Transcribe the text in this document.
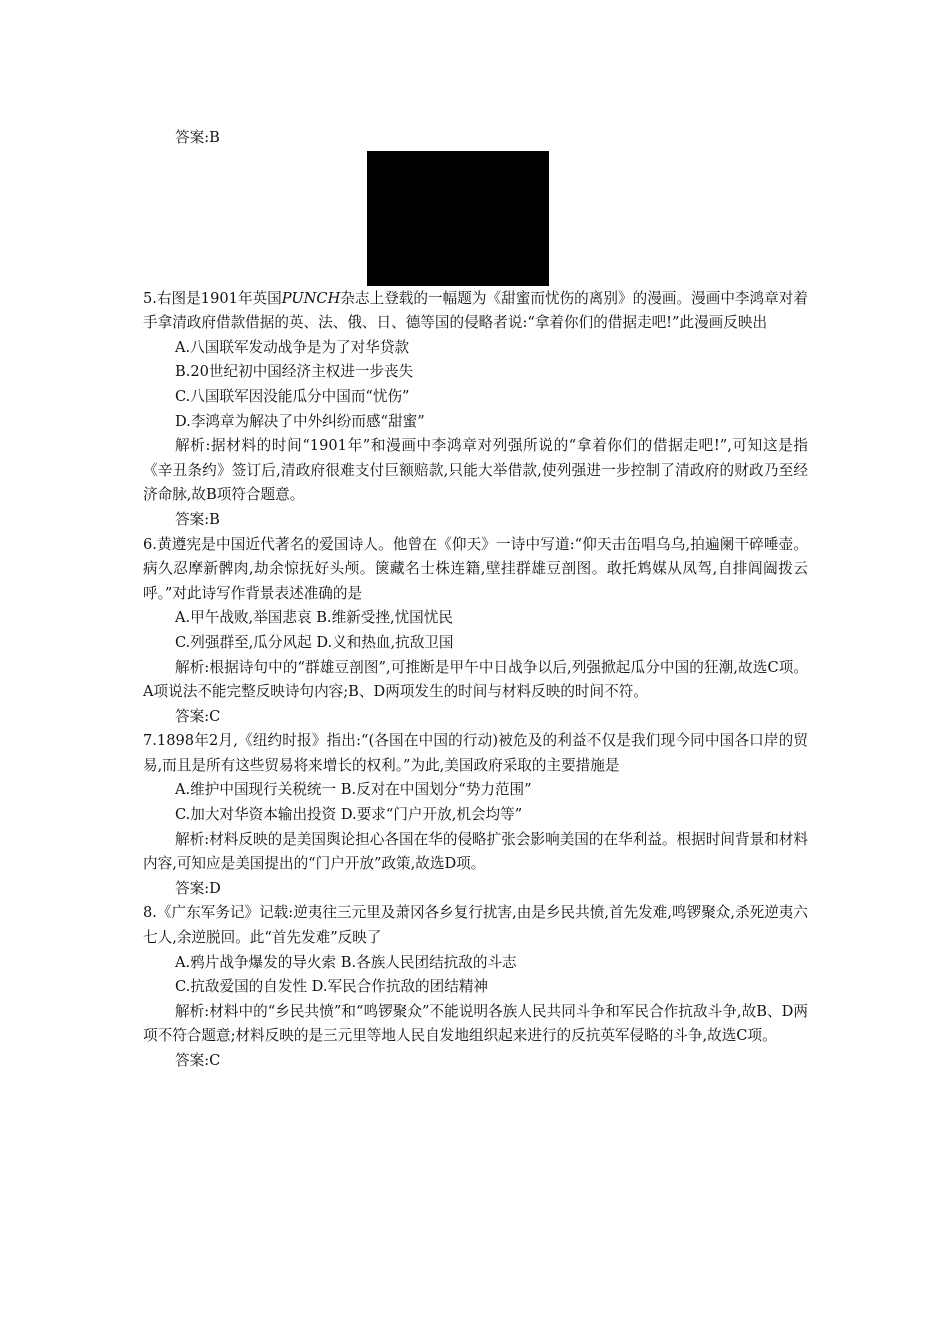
答案:B
5.右图是1901年英国PUNCH杂志上登载的一幅题为《甜蜜而忧伤的离别》的漫画。漫画中李鸿章对着手拿清政府借款借据的英、法、俄、日、德等国的侵略者说:“拿着你们的借据走吧!”此漫画反映出
A.八国联军发动战争是为了对华贷款
B.20世纪初中国经济主权进一步丧失
C.八国联军因没能瓜分中国而“忧伤”
D.李鸿章为解决了中外纠纷而感“甜蜜”
解析:据材料的时间“1901年”和漫画中李鸿章对列强所说的“拿着你们的借据走吧!”,可知这是指《辛丑条约》签订后,清政府很难支付巨额赔款,只能大举借款,使列强进一步控制了清政府的财政乃至经济命脉,故B项符合题意。
答案:B
6.黄遵宪是中国近代著名的爱国诗人。他曾在《仰天》一诗中写道:“仰天击缶唱乌乌,拍遍阑干碎唾壶。病久忍摩新髀肉,劫余惊抚好头颅。箧藏名士株连籍,壁挂群雄豆剖图。敢托鸩媒从凤驾,自排阊阖拨云呼。”对此诗写作背景表述准确的是
A.甲午战败,举国悲哀 B.维新受挫,忧国忧民
C.列强群至,瓜分风起 D.义和热血,抗敌卫国
解析:根据诗句中的“群雄豆剖图”,可推断是甲午中日战争以后,列强掀起瓜分中国的狂潮,故选C项。A项说法不能完整反映诗句内容;B、D两项发生的时间与材料反映的时间不符。
答案:C
7.1898年2月,《纽约时报》指出:“(各国在中国的行动)被危及的利益不仅是我们现今同中国各口岸的贸易,而且是所有这些贸易将来增长的权利。”为此,美国政府采取的主要措施是
A.维护中国现行关税统一 B.反对在中国划分“势力范围”
C.加大对华资本输出投资 D.要求“门户开放,机会均等”
解析:材料反映的是美国舆论担心各国在华的侵略扩张会影响美国的在华利益。根据时间背景和材料内容,可知应是美国提出的“门户开放”政策,故选D项。
答案:D
8.《广东军务记》记载:逆夷往三元里及萧冈各乡复行扰害,由是乡民共愤,首先发难,鸣锣聚众,杀死逆夷六七人,余逆脱回。此“首先发难”反映了
A.鸦片战争爆发的导火索 B.各族人民团结抗敌的斗志
C.抗敌爱国的自发性 D.军民合作抗敌的团结精神
解析:材料中的“乡民共愤”和“鸣锣聚众”不能说明各族人民共同斗争和军民合作抗敌斗争,故B、D两项不符合题意;材料反映的是三元里等地人民自发地组织起来进行的反抗英军侵略的斗争,故选C项。
答案:C
